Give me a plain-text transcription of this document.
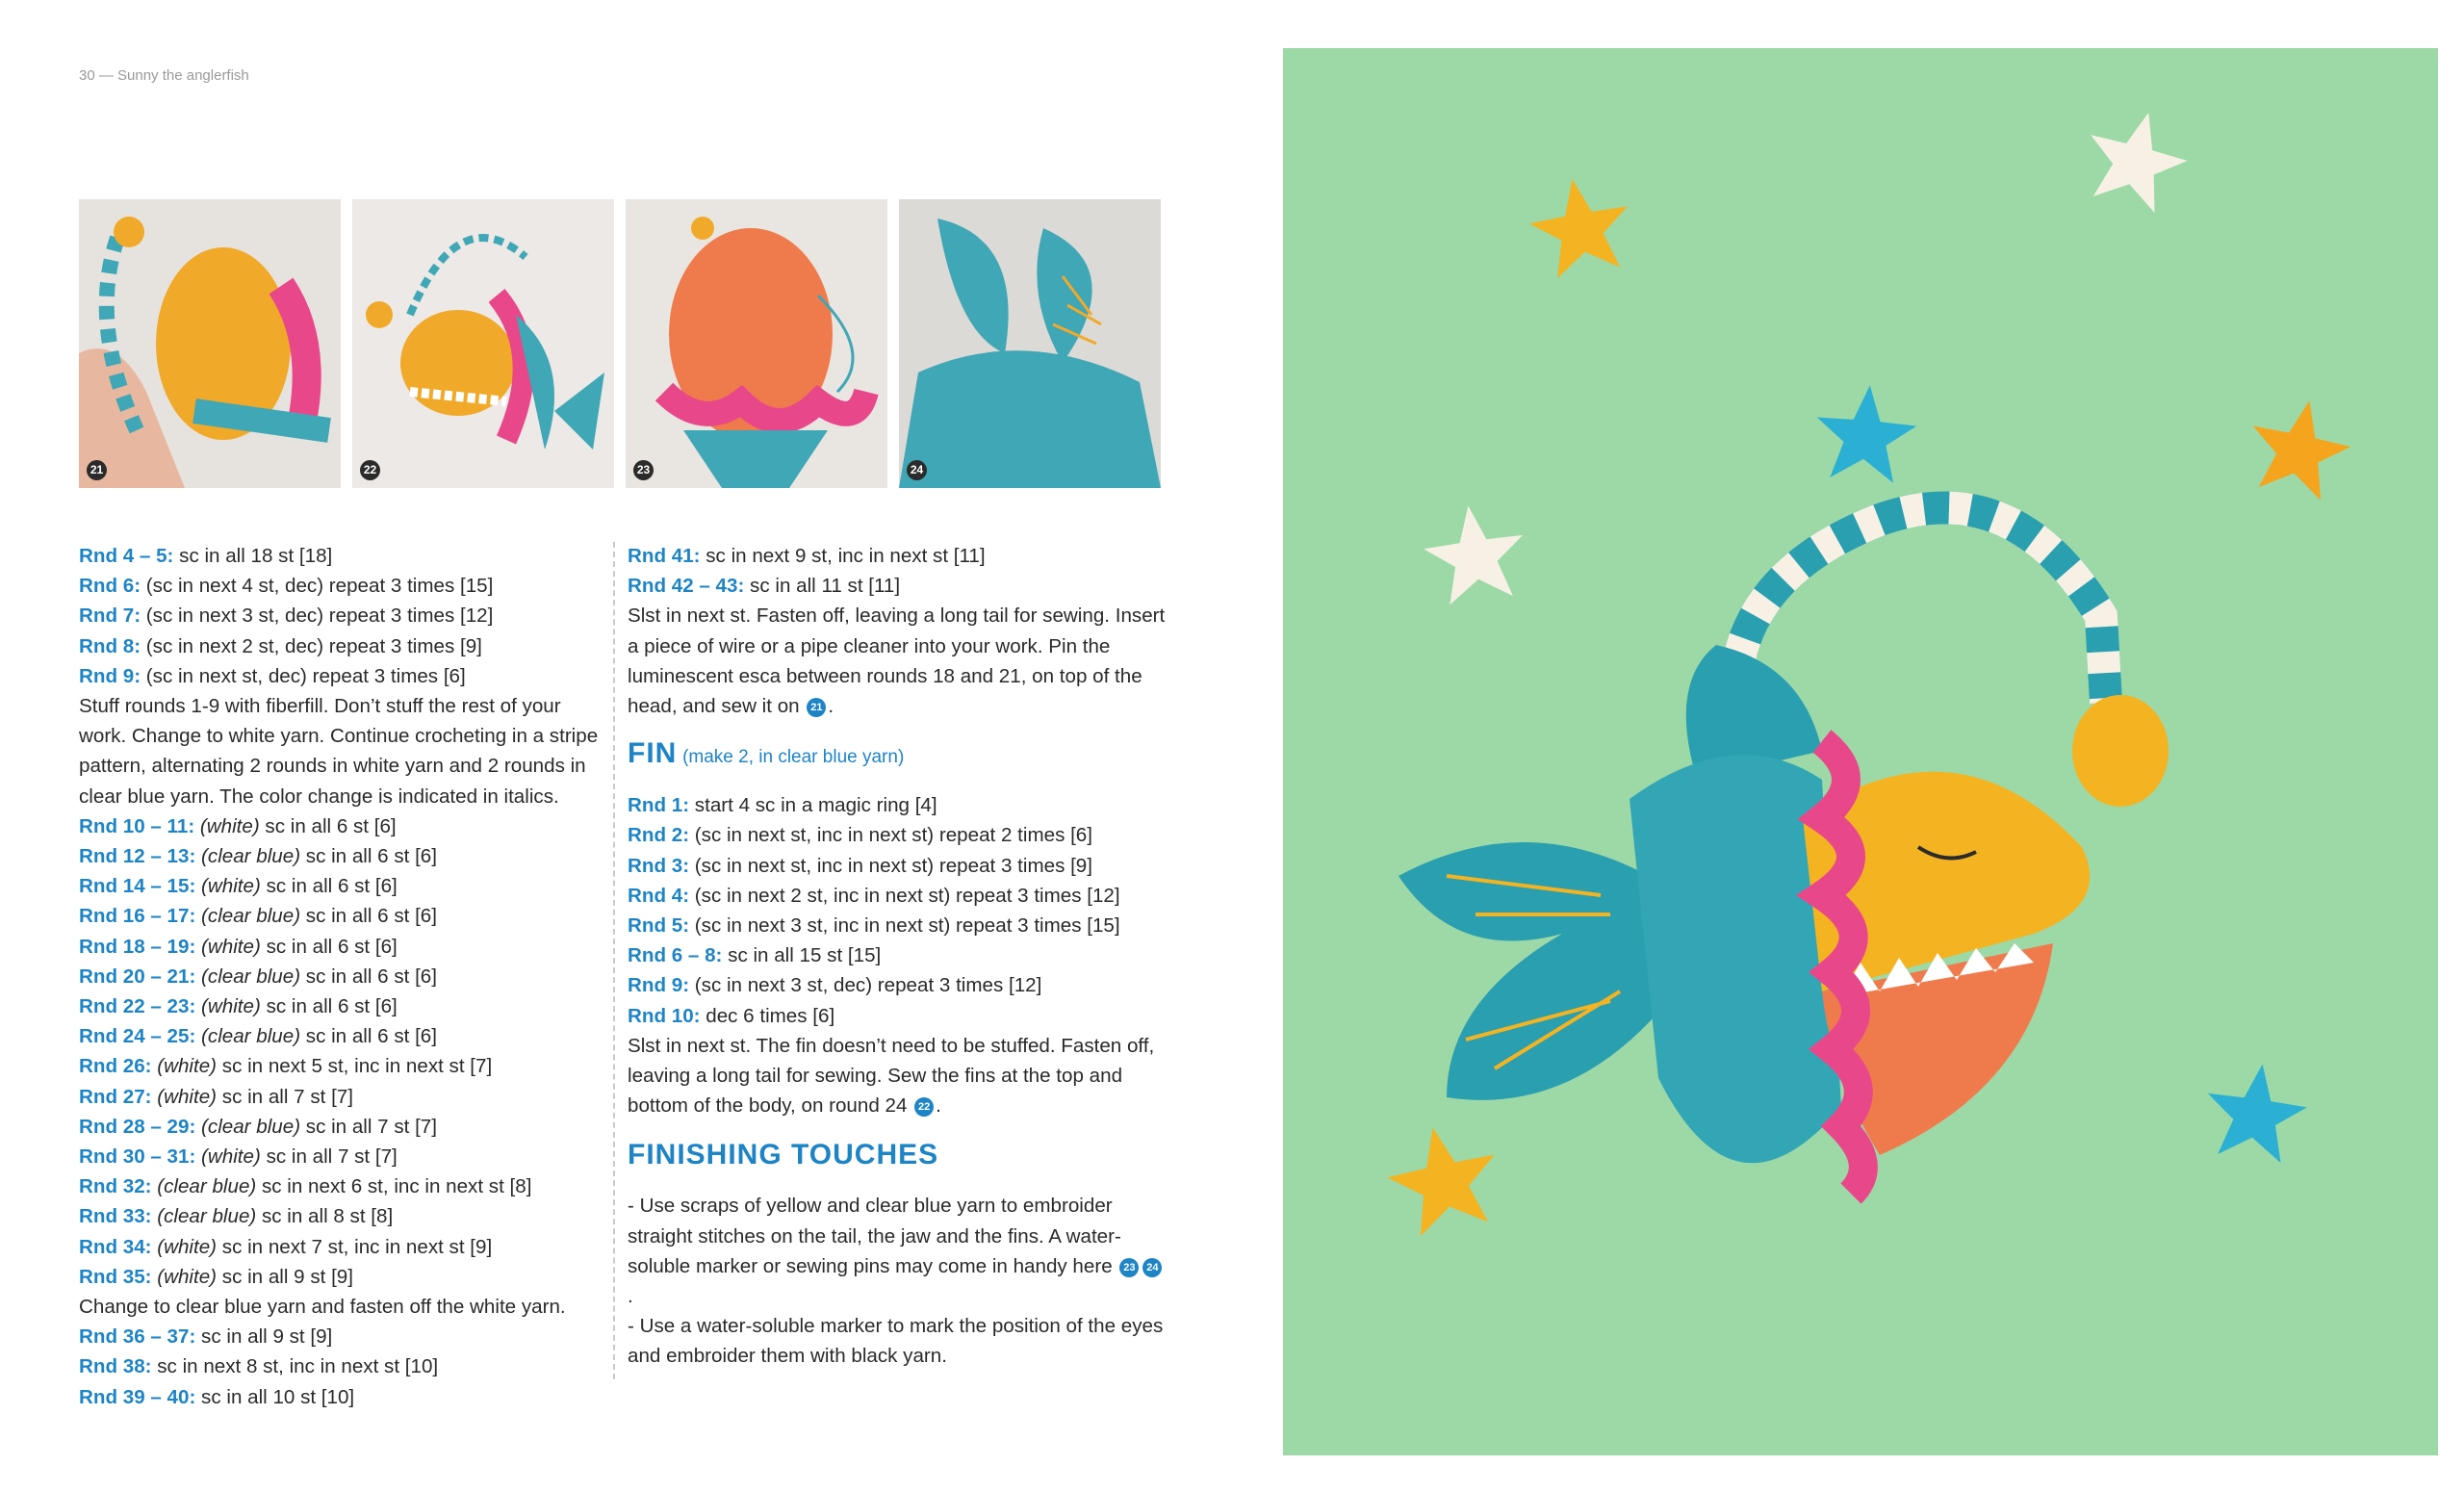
30 — Sunny the anglerfish
21	22	23	24
Rnd 4 – 5: sc in all 18 st [18]
Rnd 6: (sc in next 4 st, dec) repeat 3 times [15]
Rnd 7: (sc in next 3 st, dec) repeat 3 times [12]
Rnd 8: (sc in next 2 st, dec) repeat 3 times [9]
Rnd 9: (sc in next st, dec) repeat 3 times [6]
Stuff rounds 1-9 with fiberfill. Don’t stuff the rest of your work. Change to white yarn. Continue crocheting in a stripe pattern, alternating 2 rounds in white yarn and 2 rounds in clear blue yarn. The color change is indicated in italics.
Rnd 10 – 11: (white) sc in all 6 st [6]
Rnd 12 – 13: (clear blue) sc in all 6 st [6]
Rnd 14 – 15: (white) sc in all 6 st [6]
Rnd 16 – 17: (clear blue) sc in all 6 st [6]
Rnd 18 – 19: (white) sc in all 6 st [6]
Rnd 20 – 21: (clear blue) sc in all 6 st [6]
Rnd 22 – 23: (white) sc in all 6 st [6]
Rnd 24 – 25: (clear blue) sc in all 6 st [6]
Rnd 26: (white) sc in next 5 st, inc in next st [7]
Rnd 27: (white) sc in all 7 st [7]
Rnd 28 – 29: (clear blue) sc in all 7 st [7]
Rnd 30 – 31: (white) sc in all 7 st [7]
Rnd 32: (clear blue) sc in next 6 st, inc in next st [8]
Rnd 33: (clear blue) sc in all 8 st [8]
Rnd 34: (white) sc in next 7 st, inc in next st [9]
Rnd 35: (white) sc in all 9 st [9]
Change to clear blue yarn and fasten off the white yarn.
Rnd 36 – 37: sc in all 9 st [9]
Rnd 38: sc in next 8 st, inc in next st [10]
Rnd 39 – 40: sc in all 10 st [10]
Rnd 41: sc in next 9 st, inc in next st [11]
Rnd 42 – 43: sc in all 11 st [11]
Slst in next st. Fasten off, leaving a long tail for sewing. Insert a piece of wire or a pipe cleaner into your work. Pin the luminescent esca between rounds 18 and 21, on top of the head, and sew it on 21 .
FIN (make 2, in clear blue yarn)
Rnd 1: start 4 sc in a magic ring [4]
Rnd 2: (sc in next st, inc in next st) repeat 2 times [6]
Rnd 3: (sc in next st, inc in next st) repeat 3 times [9]
Rnd 4: (sc in next 2 st, inc in next st) repeat 3 times [12]
Rnd 5: (sc in next 3 st, inc in next st) repeat 3 times [15]
Rnd 6 – 8: sc in all 15 st [15]
Rnd 9: (sc in next 3 st, dec) repeat 3 times [12]
Rnd 10: dec 6 times [6]
Slst in next st. The fin doesn’t need to be stuffed. Fasten off, leaving a long tail for sewing. Sew the fins at the top and bottom of the body, on round 24 22 .
FINISHING TOUCHES
- Use scraps of yellow and clear blue yarn to embroider straight stitches on the tail, the jaw and the fins. A water-soluble marker or sewing pins may come in handy here 23 24.
- Use a water-soluble marker to mark the position of the eyes and embroider them with black yarn.
